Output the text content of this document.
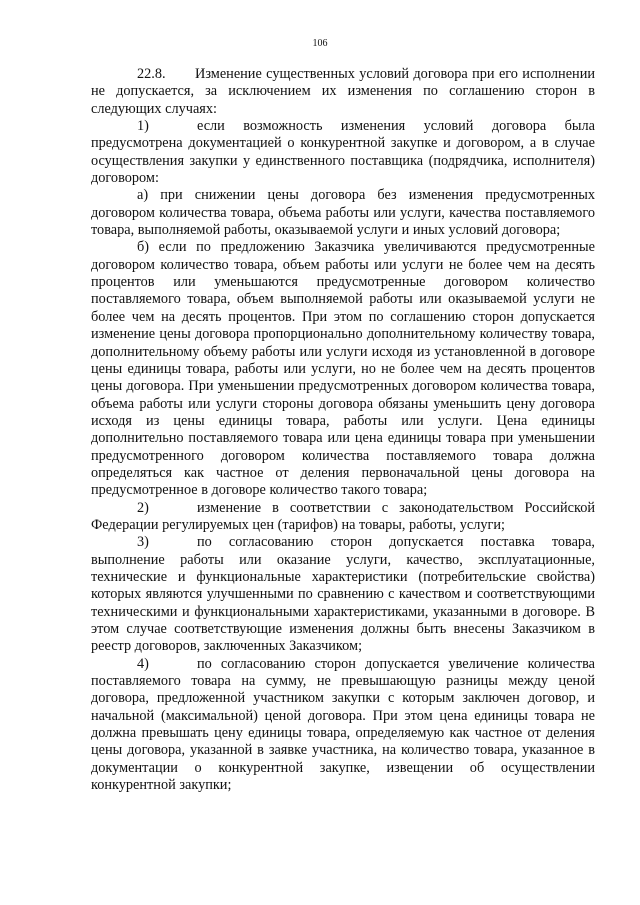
106

22.8. Изменение существенных условий договора при его исполнении не допускается, за исключением их изменения по соглашению сторон в следующих случаях:

1)	если возможность изменения условий договора была предусмотрена документацией о конкурентной закупке и договором, а в случае осуществления закупки у единственного поставщика (подрядчика, исполнителя) договором:

а) при снижении цены договора без изменения предусмотренных договором количества товара, объема работы или услуги, качества поставляемого товара, выполняемой работы, оказываемой услуги и иных условий договора;

б) если по предложению Заказчика увеличиваются предусмотренные договором количество товара, объем работы или услуги не более чем на десять процентов или уменьшаются предусмотренные договором количество поставляемого товара, объем выполняемой работы или оказываемой услуги не более чем на десять процентов. При этом по соглашению сторон допускается изменение цены договора пропорционально дополнительному количеству товара, дополнительному объему работы или услуги исходя из установленной в договоре цены единицы товара, работы или услуги, но не более чем на десять процентов цены договора. При уменьшении предусмотренных договором количества товара, объема работы или услуги стороны договора обязаны уменьшить цену договора исходя из цены единицы товара, работы или услуги. Цена единицы дополнительно поставляемого товара или цена единицы товара при уменьшении предусмотренного договором количества поставляемого товара должна определяться как частное от деления первоначальной цены договора на предусмотренное в договоре количество такого товара;

2)	изменение в соответствии с законодательством Российской Федерации регулируемых цен (тарифов) на товары, работы, услуги;

3)	по согласованию сторон допускается поставка товара, выполнение работы или оказание услуги, качество, эксплуатационные, технические и функциональные характеристики (потребительские свойства) которых являются улучшенными по сравнению с качеством и соответствующими техническими и функциональными характеристиками, указанными в договоре. В этом случае соответствующие изменения должны быть внесены Заказчиком в реестр договоров, заключенных Заказчиком;

4)	по согласованию сторон допускается увеличение количества поставляемого товара на сумму, не превышающую разницы между ценой договора, предложенной участником закупки с которым заключен договор, и начальной (максимальной) ценой договора. При этом цена единицы товара не должна превышать цену единицы товара, определяемую как частное от деления цены договора, указанной в заявке участника, на количество товара, указанное в документации о конкурентной закупке, извещении об осуществлении конкурентной закупки;
